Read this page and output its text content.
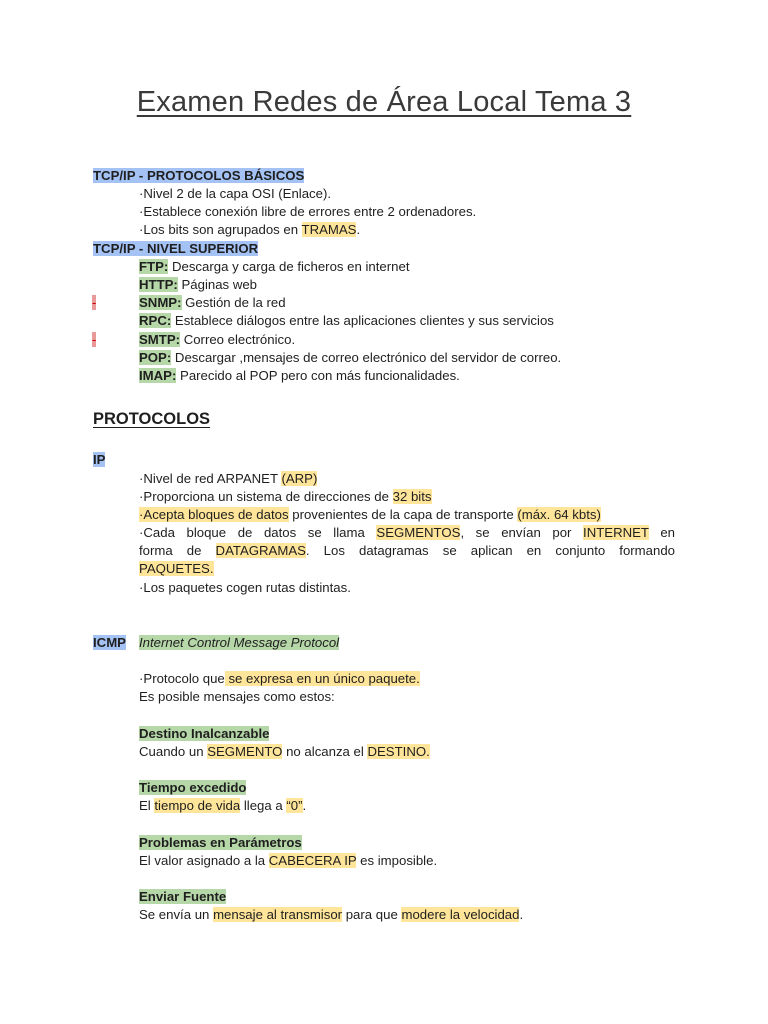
Examen Redes de Área Local Tema 3
TCP/IP - PROTOCOLOS BÁSICOS
·Nivel 2 de la capa OSI (Enlace).
·Establece conexión libre de errores entre 2 ordenadores.
·Los bits son agrupados en TRAMAS.
TCP/IP - NIVEL SUPERIOR
FTP: Descarga y carga de ficheros en internet
HTTP: Páginas web
-	SNMP: Gestión de la red
RPC: Establece diálogos entre las aplicaciones clientes y sus servicios
-	SMTP: Correo electrónico.
POP: Descargar ,mensajes de correo electrónico del servidor de correo.
IMAP: Parecido al POP pero con más funcionalidades.
PROTOCOLOS
IP
·Nivel de red ARPANET (ARP)
·Proporciona un sistema de direcciones de 32 bits
·Acepta bloques de datos provenientes de la capa de transporte (máx. 64 kbts)
·Cada bloque de datos se llama SEGMENTOS, se envían por INTERNET en
forma de DATAGRAMAS. Los datagramas se aplican en conjunto formando
PAQUETES.
·Los paquetes cogen rutas distintas.
ICMP Internet Control Message Protocol
·Protocolo que se expresa en un único paquete.
Es posible mensajes como estos:
Destino Inalcanzable
Cuando un SEGMENTO no alcanza el DESTINO.
Tiempo excedido
El tiempo de vida llega a “0”.
Problemas en Parámetros
El valor asignado a la CABECERA IP es imposible.
Enviar Fuente
Se envía un mensaje al transmisor para que modere la velocidad.
